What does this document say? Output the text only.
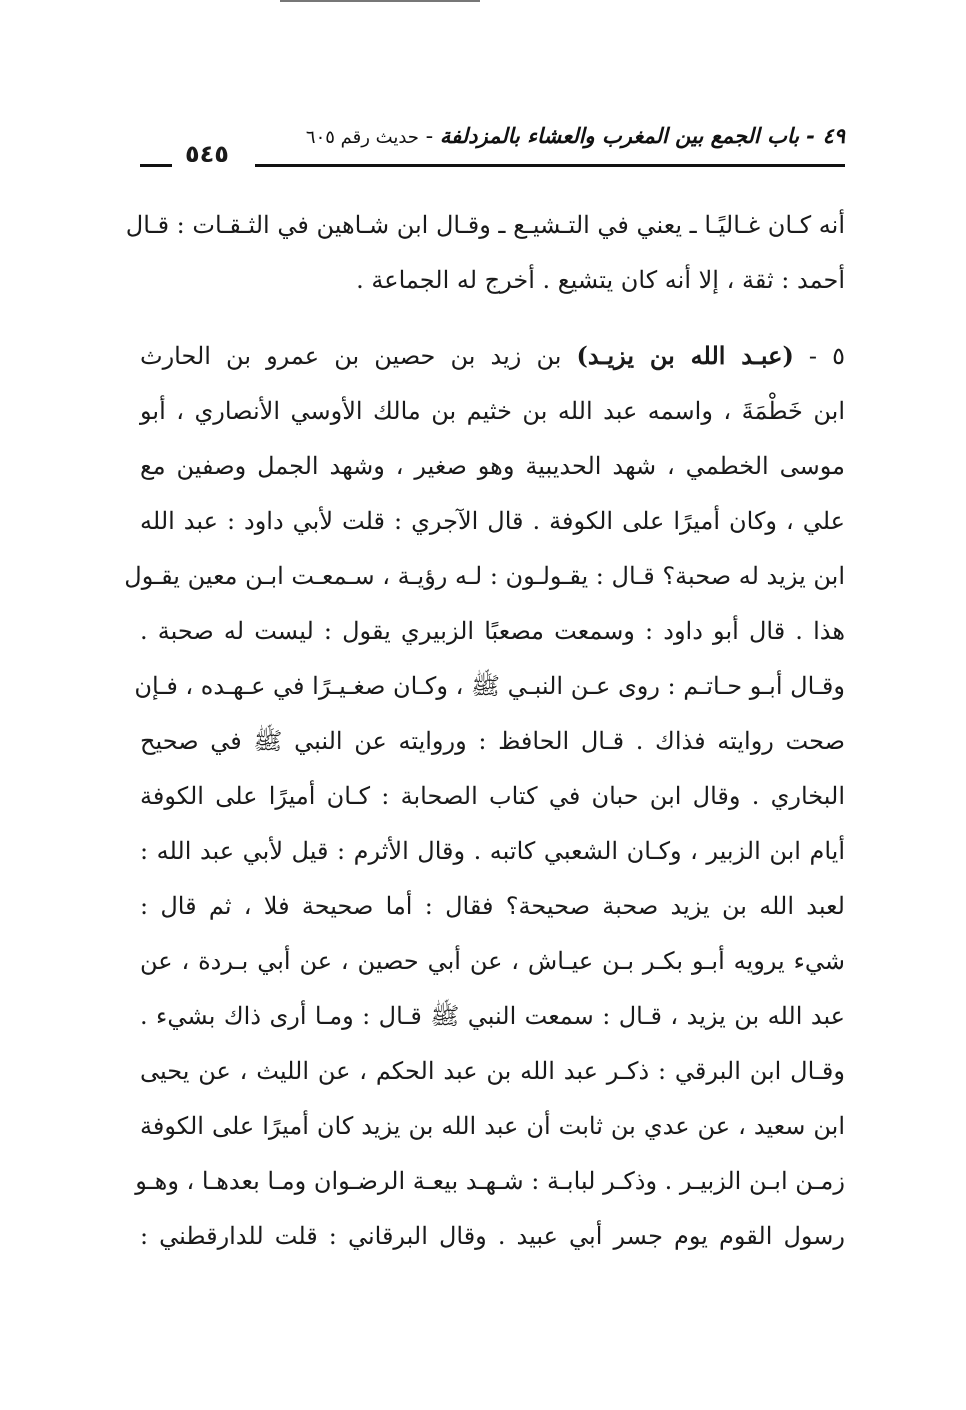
٤٩ - باب الجمع بين المغرب والعشاء بالمزدلفة - حديث رقم ٦٠٥
٥٤٥
أنه كـان غـاليًـا ـ يعني في التـشيـع ـ وقـال ابن شـاهين في الثـقـات : قـال
أحمد : ثقة ، إلا أنه كان يتشيع . أخرج له الجماعة .
٥ - (عبـد الله بن يزيـد) بن زيد بن حصين بن عمرو بن الحارث
ابن خَطْمَةَ ، واسمه عبد الله بن خثيم بن مالك الأوسي الأنصاري ، أبو
موسى الخطمي ، شهد الحديبية وهو صغير ، وشهد الجمل وصفين مع
علي ، وكان أميرًا على الكوفة . قال الآجري : قلت لأبي داود : عبد الله
ابن يزيد له صحبة؟ قـال : يقـولـون : لـه رؤيـة ، سـمعـت ابـن معين يقـول
هذا . قال أبو داود : وسمعت مصعبًا الزبيري يقول : ليست له صحبة .
وقـال أبـو حـاتـم : روى عـن النبـي ﷺ ، وكـان صغـيـرًا في عـهـده ، فـإن
صحت روايته فذاك . قـال الحافظ : وروايته عن النبي ﷺ في صحيح
البخاري . وقال ابن حبان في كتاب الصحابة : كـان أميرًا على الكوفة
أيام ابن الزبير ، وكـان الشعبي كاتبه . وقال الأثرم : قيل لأبي عبد الله :
لعبد الله بن يزيد صحبة صحيحة؟ فقال : أما صحيحة فلا ، ثم قال :
شيء يرويه أبـو بكـر بـن عيـاش ، عن أبي حصين ، عن أبي بـردة ، عن
عبد الله بن يزيد ، قـال : سمعت النبي ﷺ قـال : ومـا أرى ذاك بشيء .
وقـال ابن البرقي : ذكـر عبد الله بن عبد الحكم ، عن الليث ، عن يحيى
ابن سعيد ، عن عدي بن ثابت أن عبد الله بن يزيد كان أميرًا على الكوفة
زمـن ابـن الزبيـر . وذكـر لبابـة : شـهـد بيعـة الرضـوان ومـا بعدهـا ، وهـو
رسول القوم يوم جسر أبي عبيد . وقال البرقاني : قلت للدارقطني :
